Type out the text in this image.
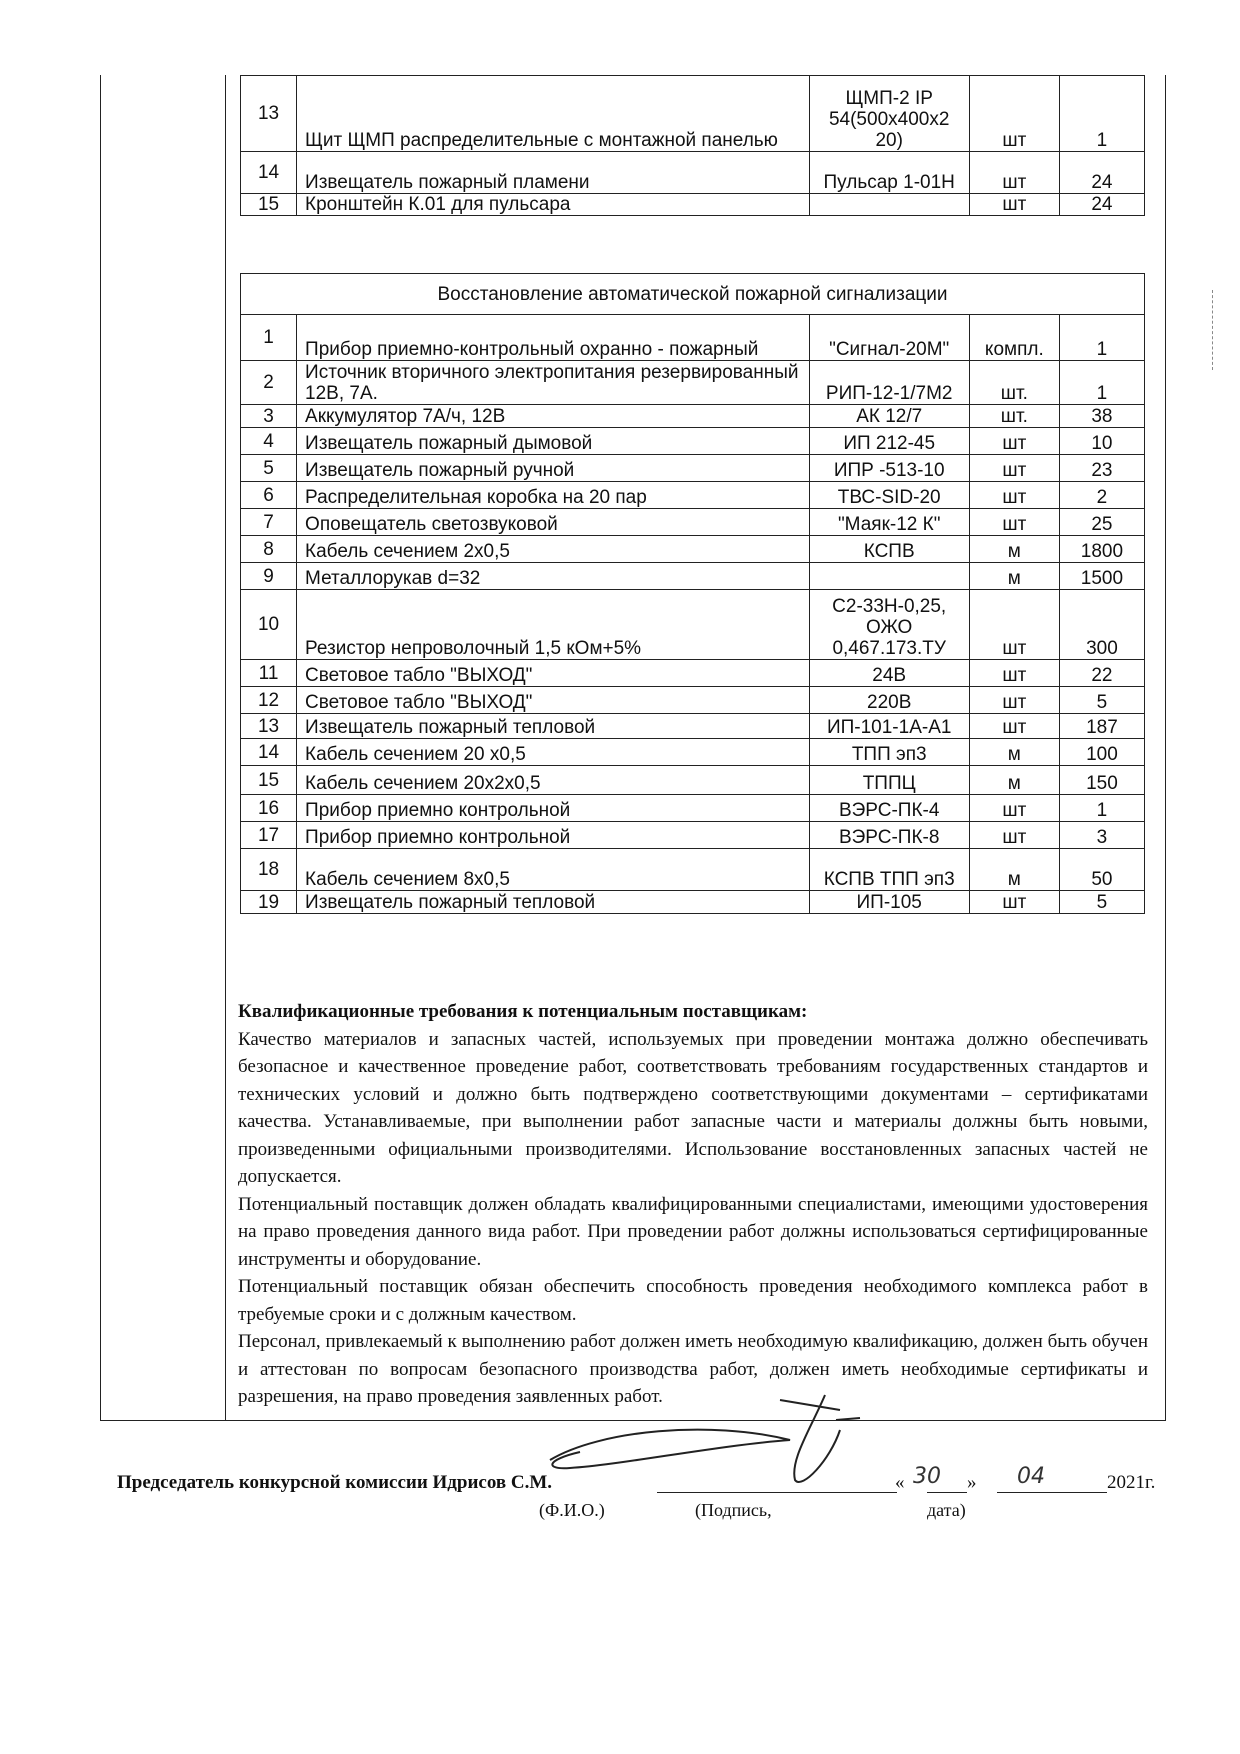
13	Щит ЩМП распределительные с монтажной панелью	ЩМП-2 IP 54(500х400х2 20)	шт	1
14	Извещатель пожарный пламени	Пульсар 1-01Н	шт	24
15	Кронштейн К.01 для пульсара		шт	24
Восстановление автоматической пожарной сигнализации				
1	Прибор приемно-контрольный охранно - пожарный	"Сигнал-20М"	компл.	1
2	Источник вторичного электропитания резервированный 12В, 7А.	РИП-12-1/7М2	шт.	1
3	Аккумулятор 7А/ч, 12В	АК 12/7	шт.	38
4	Извещатель пожарный дымовой	ИП 212-45	шт	10
5	Извещатель пожарный ручной	ИПР -513-10	шт	23
6	Распределительная коробка на 20 пар	ТВС-SID-20	шт	2
7	Оповещатель светозвуковой	"Маяк-12 К"	шт	25
8	Кабель сечением 2х0,5	КСПВ	м	1800
9	Металлорукав d=32		м	1500
10	Резистор непроволочный 1,5 кОм+5%	С2-33Н-0,25, ОЖО 0,467.173.ТУ	шт	300
11	Световое табло "ВЫХОД"	24В	шт	22
12	Световое табло "ВЫХОД"	220В	шт	5
13	Извещатель пожарный тепловой	ИП-101-1А-А1	шт	187
14	Кабель сечением 20 х0,5	ТПП эп3	м	100
15	Кабель сечением 20х2х0,5	ТППЦ	м	150
16	Прибор приемно контрольной	ВЭРС-ПК-4	шт	1
17	Прибор приемно контрольной	ВЭРС-ПК-8	шт	3
18	Кабель сечением 8х0,5	КСПВ ТПП эп3	м	50
19	Извещатель пожарный тепловой	ИП-105	шт	5

Квалификационные требования к потенциальным поставщикам:

Качество материалов и запасных частей, используемых при проведении монтажа должно обеспечивать безопасное и качественное проведение работ, соответствовать требованиям государственных стандартов и технических условий и должно быть подтверждено соответствующими документами – сертификатами качества. Устанавливаемые, при выполнении работ запасные части и материалы должны быть новыми, произведенными официальными производителями. Использование восстановленных запасных частей не допускается.

Потенциальный поставщик должен обладать квалифицированными специалистами, имеющими удостоверения на право проведения данного вида работ. При проведении работ должны использоваться сертифицированные инструменты и оборудование.

Потенциальный поставщик обязан обеспечить способность проведения необходимого комплекса работ в требуемые сроки и с должным качеством.

Персонал, привлекаемый к выполнению работ должен иметь необходимую квалификацию, должен быть обучен и аттестован по вопросам безопасного производства работ, должен иметь необходимые сертификаты и разрешения, на право проведения заявленных работ.

Председатель конкурсной комиссии Идрисов С.М.	« 30 » 04	2021г.
(Ф.И.О.)	(Подпись,	дата)
